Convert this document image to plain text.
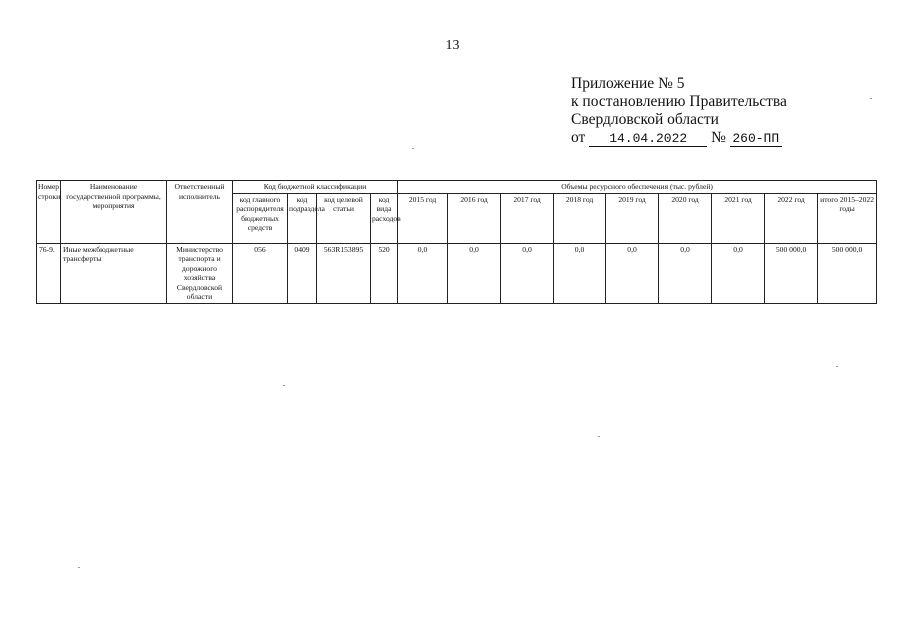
13
Приложение № 5
к постановлению Правительства
Свердловской области
от 14.04.2022 № 260-ПП
Номер строки	Наименование государственной программы, мероприятия	Ответственный исполнитель	Код бюджетной классификации				Объемы ресурсного обеспечения (тыс. рублей)								
			код главного распорядителя бюджетных средств	код подраздела	код целевой статьи	код вида расходов	2015 год	2016 год	2017 год	2018 год	2019 год	2020 год	2021 год	2022 год	итого 2015–2022 годы
76-9.	Иные межбюджетные трансферты	Министерство транспорта и дорожного хозяйства Свердловской области	056	0409	563R153895	520	0,0	0,0	0,0	0,0	0,0	0,0	0,0	500 000,0	500 000,0
